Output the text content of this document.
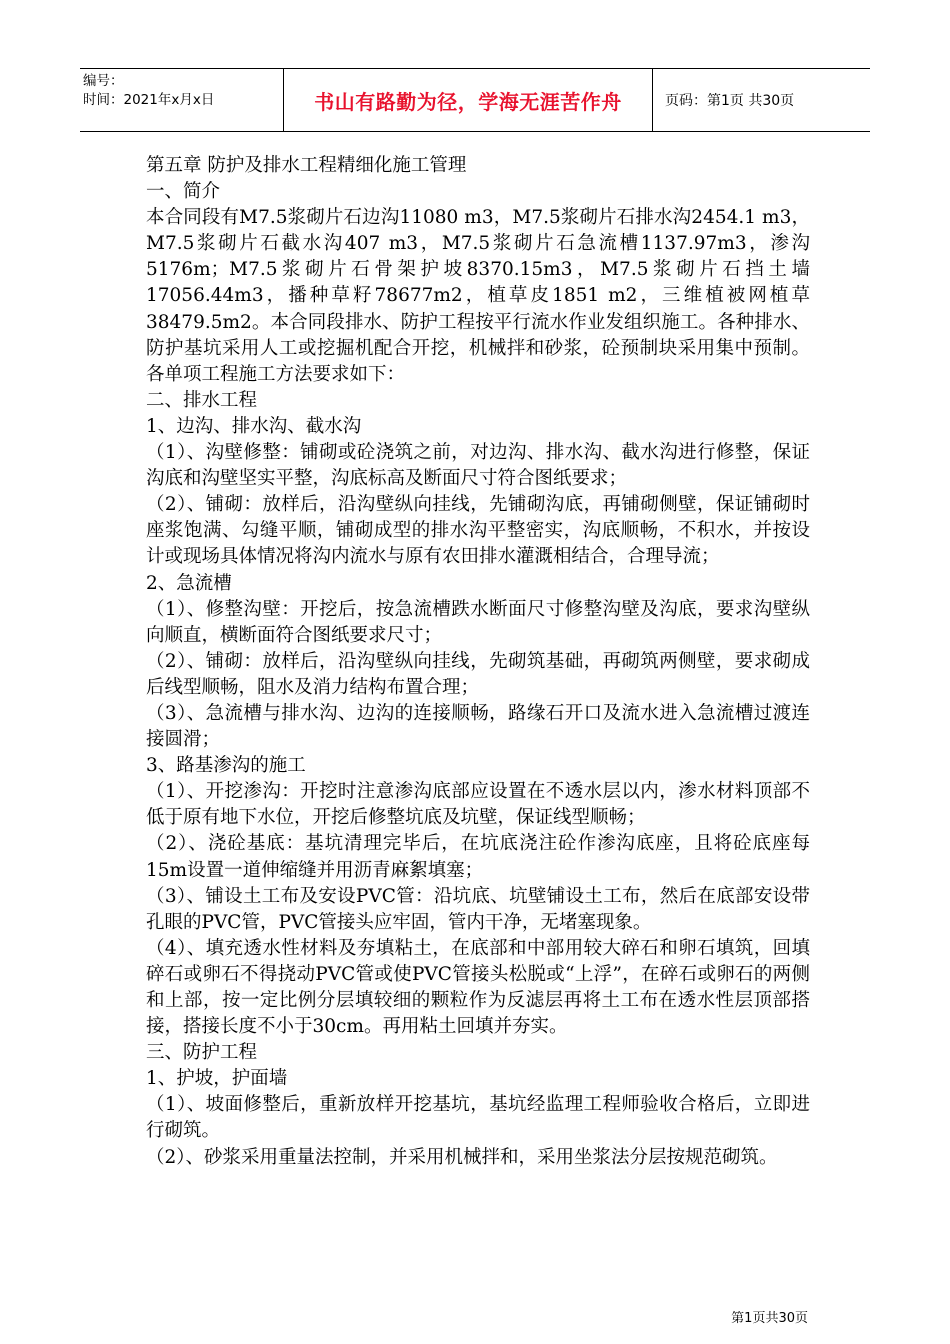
编号：
时间：2021年x月x日	书山有路勤为径，学海无涯苦作舟	页码：第1页 共30页

第五章 防护及排水工程精细化施工管理

一、简介

本合同段有M7.5浆砌片石边沟11080 m3，M7.5浆砌片石排水沟2454.1 m3，M7.5浆砌片石截水沟407 m3，M7.5浆砌片石急流槽1137.97m3，渗沟5176m；M7.5浆砌片石骨架护坡8370.15m3，M7.5浆砌片石挡土墙17056.44m3，播种草籽78677m2，植草皮1851 m2，三维植被网植草38479.5m2。本合同段排水、防护工程按平行流水作业发组织施工。各种排水、防护基坑采用人工或挖掘机配合开挖，机械拌和砂浆，砼预制块采用集中预制。各单项工程施工方法要求如下：

二、排水工程

1、边沟、排水沟、截水沟

（1）、沟壁修整：铺砌或砼浇筑之前，对边沟、排水沟、截水沟进行修整，保证沟底和沟壁坚实平整，沟底标高及断面尺寸符合图纸要求；

（2）、铺砌：放样后，沿沟壁纵向挂线，先铺砌沟底，再铺砌侧壁，保证铺砌时座浆饱满、勾缝平顺，铺砌成型的排水沟平整密实，沟底顺畅，不积水，并按设计或现场具体情况将沟内流水与原有农田排水灌溉相结合，合理导流；

2、急流槽

（1）、修整沟壁：开挖后，按急流槽跌水断面尺寸修整沟壁及沟底，要求沟壁纵向顺直，横断面符合图纸要求尺寸；

（2）、铺砌：放样后，沿沟壁纵向挂线，先砌筑基础，再砌筑两侧壁，要求砌成后线型顺畅，阻水及消力结构布置合理；

（3）、急流槽与排水沟、边沟的连接顺畅，路缘石开口及流水进入急流槽过渡连接圆滑；

3、路基渗沟的施工

（1）、开挖渗沟：开挖时注意渗沟底部应设置在不透水层以内，渗水材料顶部不低于原有地下水位，开挖后修整坑底及坑壁，保证线型顺畅；

（2）、浇砼基底：基坑清理完毕后，在坑底浇注砼作渗沟底座，且将砼底座每15m设置一道伸缩缝并用沥青麻絮填塞；

（3）、铺设土工布及安设PVC管：沿坑底、坑壁铺设土工布，然后在底部安设带孔眼的PVC管，PVC管接头应牢固，管内干净，无堵塞现象。

（4）、填充透水性材料及夯填粘土，在底部和中部用较大碎石和卵石填筑，回填碎石或卵石不得挠动PVC管或使PVC管接头松脱或“上浮”，在碎石或卵石的两侧和上部，按一定比例分层填较细的颗粒作为反滤层再将土工布在透水性层顶部搭接，搭接长度不小于30cm。再用粘土回填并夯实。

三、防护工程

1、护坡，护面墙

（1）、坡面修整后，重新放样开挖基坑，基坑经监理工程师验收合格后，立即进行砌筑。

（2）、砂浆采用重量法控制，并采用机械拌和，采用坐浆法分层按规范砌筑。

第1页共30页
